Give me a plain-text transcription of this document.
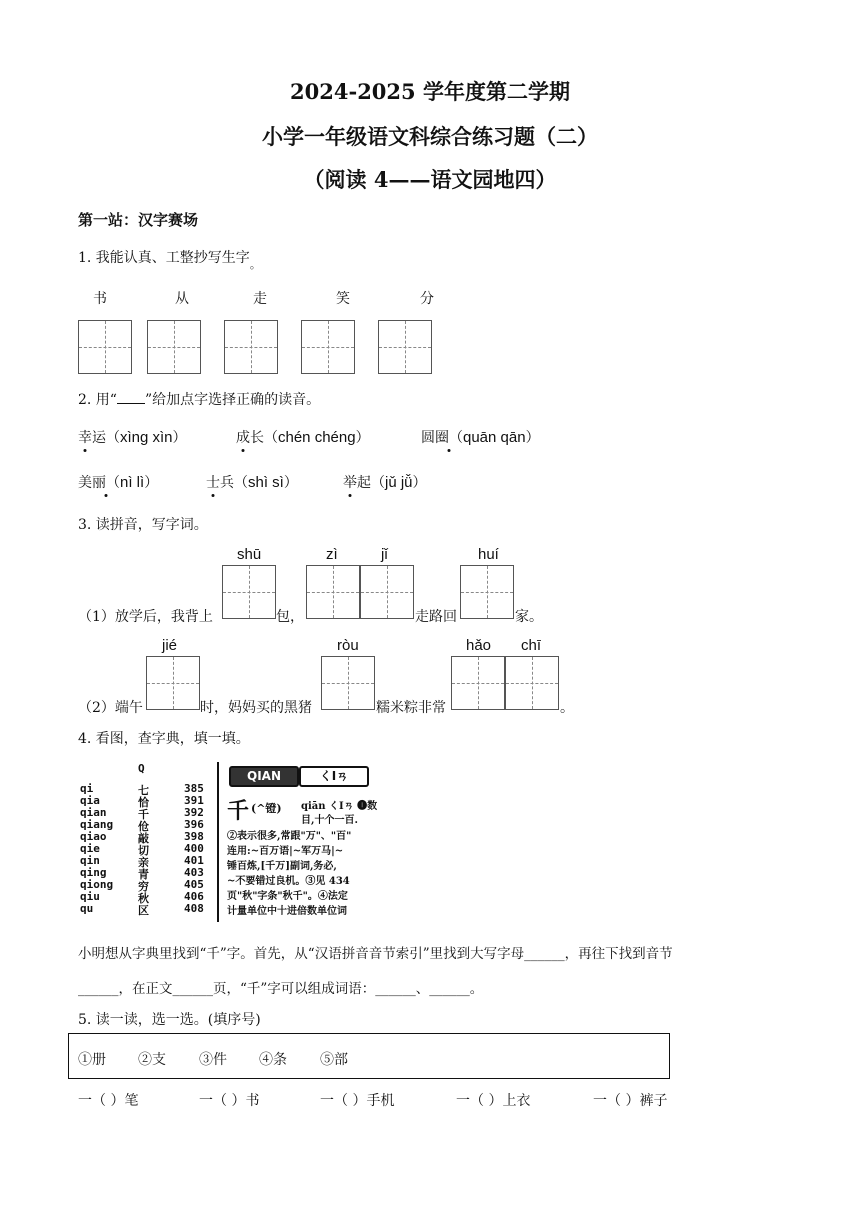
2024-2025 学年度第二学期
小学一年级语文科综合练习题（二）
（阅读 4——语文园地四）
第一站：汉字赛场
1. 我能认真、工整抄写生字$_。$
书	从	走	笑	分
2. 用“ ”给加点字选择正确的读音。
幸运（xìng xìn）	成长（chén chéng）	圆圈（quān qān）
美丽（nì lì）	士兵（shì sì）	举起（jǔ jǚ）
3. 读拼音，写字词。
shū	zì	jǐ	huí
（1）放学后，我背上	包，	走路回	家。
jié	ròu	hǎo chī
（2）端午	时，妈妈买的黑猪	糯米粽非常	。
4. 看图，查字典，填一填。
Q
qi	七	385
qia	恰	391
qian	千	392
qiang 伧	396
qiao	敲	398
qie	切	400
qin	亲	401
qing	青	403
qiong 穷	405
qiu	秋	406
qu	区	408
QIAN	くIㄢ
千 (^镫) qiān くIㄢ ❶数
目,十个一百.
②表示很多,常跟"万"、"百"
连用:~百万语|~军万马|~
锤百炼,[千万]副词,务必,
~不要错过良机。③见 434
页"秋"字条"秋千"。④法定
计量单位中十进倍数单位词
小明想从字典里找到“千”字。首先，从“汉语拼音音节索引”里找到大写字母______，再往下找到音节
______，在正文______页，“千”字可以组成词语：______、______。
5. 读一读，选一选。(填序号)
①册 ②支 ③件 ④条 ⑤部
一（ ）笔	一（ ）书	一（ ）手机	一（ ）上衣	一（ ）裤子
